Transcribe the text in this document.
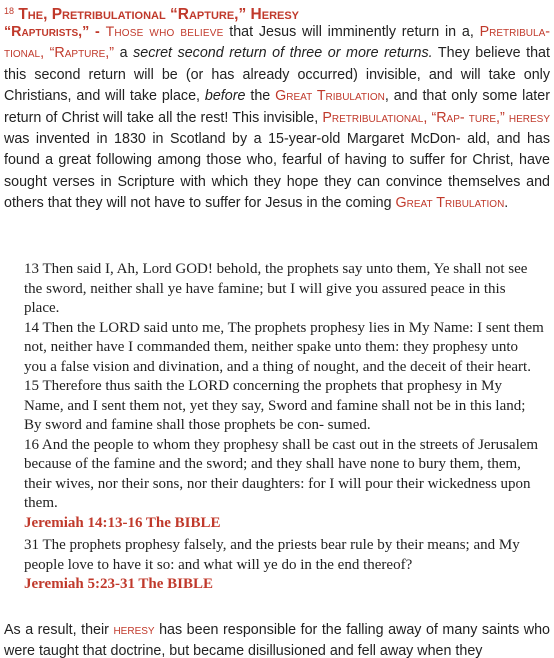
$^{18}$ The, Pretribulational “Rapture,” Heresy
“Rapturists,” - Those who believe that Jesus will imminently return in a, Pretribula- tional, “Rapture,” a secret second return of three or more returns. They believe that this second return will be (or has already occurred) invisible, and will take only Christians, and will take place, before the Great Tribulation, and that only some later return of Christ will take all the rest! This invisible, Pretribulational, “Rap- ture,” heresy was invented in 1830 in Scotland by a 15-year-old Margaret McDon- ald, and has found a great following among those who, fearful of having to suffer for Christ, have sought verses in Scripture with which they hope they can convince themselves and others that they will not have to suffer for Jesus in the coming Great Tribulation.
13 Then said I, Ah, Lord GOD! behold, the prophets say unto them, Ye shall not see the sword, neither shall ye have famine; but I will give you assured peace in this place.
14 Then the LORD said unto me, The prophets prophesy lies in My Name: I sent them not, neither have I commanded them, neither spake unto them: they prophesy unto you a false vision and divination, and a thing of nought, and the deceit of their heart.
15 Therefore thus saith the LORD concerning the prophets that prophesy in My Name, and I sent them not, yet they say, Sword and famine shall not be in this land; By sword and famine shall those prophets be con- sumed.
16 And the people to whom they prophesy shall be cast out in the streets of Jerusalem because of the famine and the sword; and they shall have none to bury them, them, their wives, nor their sons, nor their daughters: for I will pour their wickedness upon them.
Jeremiah 14:13-16 The BIBLE
31 The prophets prophesy falsely, and the priests bear rule by their means; and My people love to have it so: and what will ye do in the end thereof?
Jeremiah 5:23-31 The BIBLE
As a result, their heresy has been responsible for the falling away of many saints who were taught that doctrine, but became disillusioned and fell away when they
